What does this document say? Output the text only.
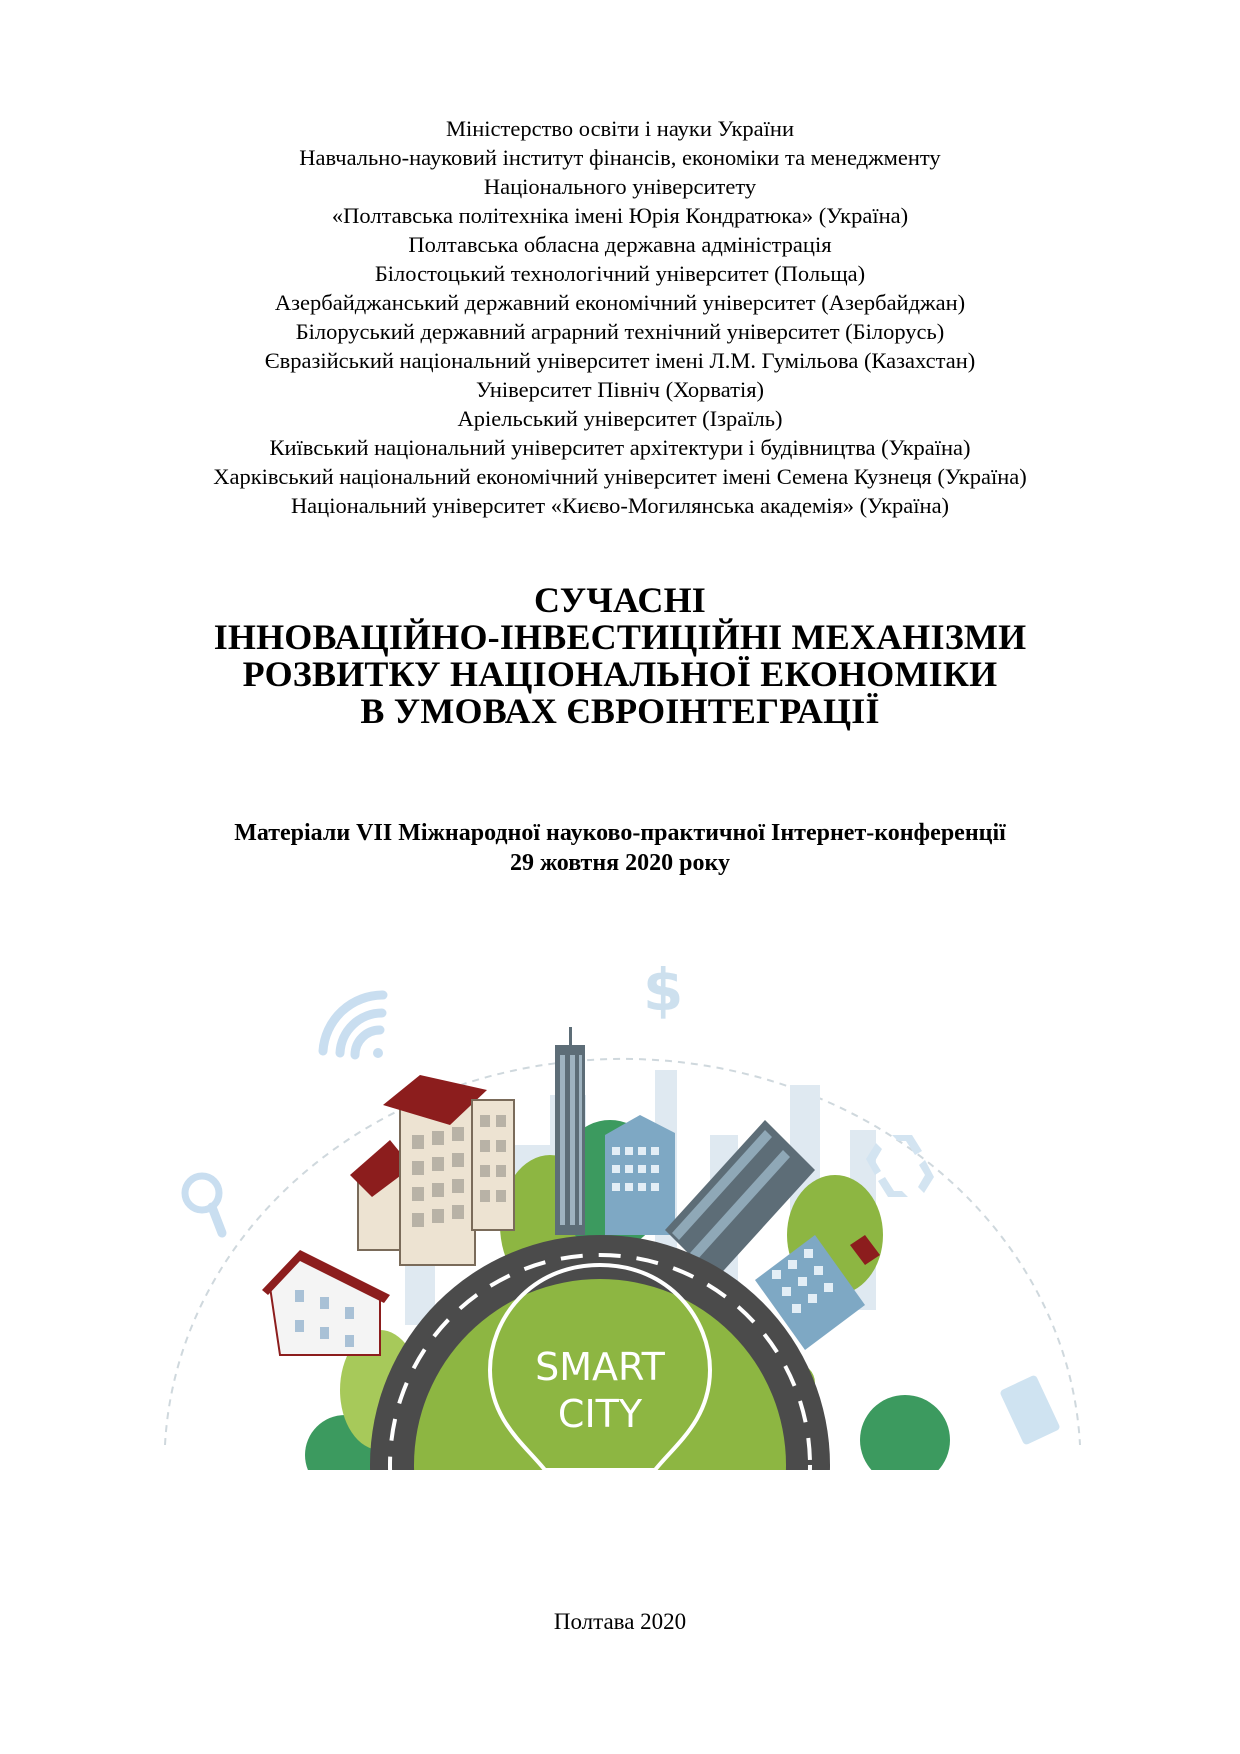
Міністерство освіти і науки України
Навчально-науковий інститут фінансів, економіки та менеджменту
Національного університету
«Полтавська політехніка імені Юрія Кондратюка» (Україна)
Полтавська обласна державна адміністрація
Білостоцький технологічний університет (Польща)
Азербайджанський державний економічний університет (Азербайджан)
Білоруський державний аграрний технічний університет (Білорусь)
Євразійський національний університет імені Л.М. Гумільова (Казахстан)
Університет Північ (Хорватія)
Аріельський університет (Ізраїль)
Київський національний університет архітектури і будівництва (Україна)
Харківський національний економічний університет імені Семена Кузнеця (Україна)
Національний університет «Києво-Могилянська академія» (Україна)
СУЧАСНІ
ІННОВАЦІЙНО-ІНВЕСТИЦІЙНІ МЕХАНІЗМИ
РОЗВИТКУ НАЦІОНАЛЬНОЇ ЕКОНОМІКИ
В УМОВАХ ЄВРОІНТЕГРАЦІЇ
Матеріали VII Міжнародної науково-практичної Інтернет-конференції
29 жовтня 2020 року
$
SMART
CITY
Полтава 2020
